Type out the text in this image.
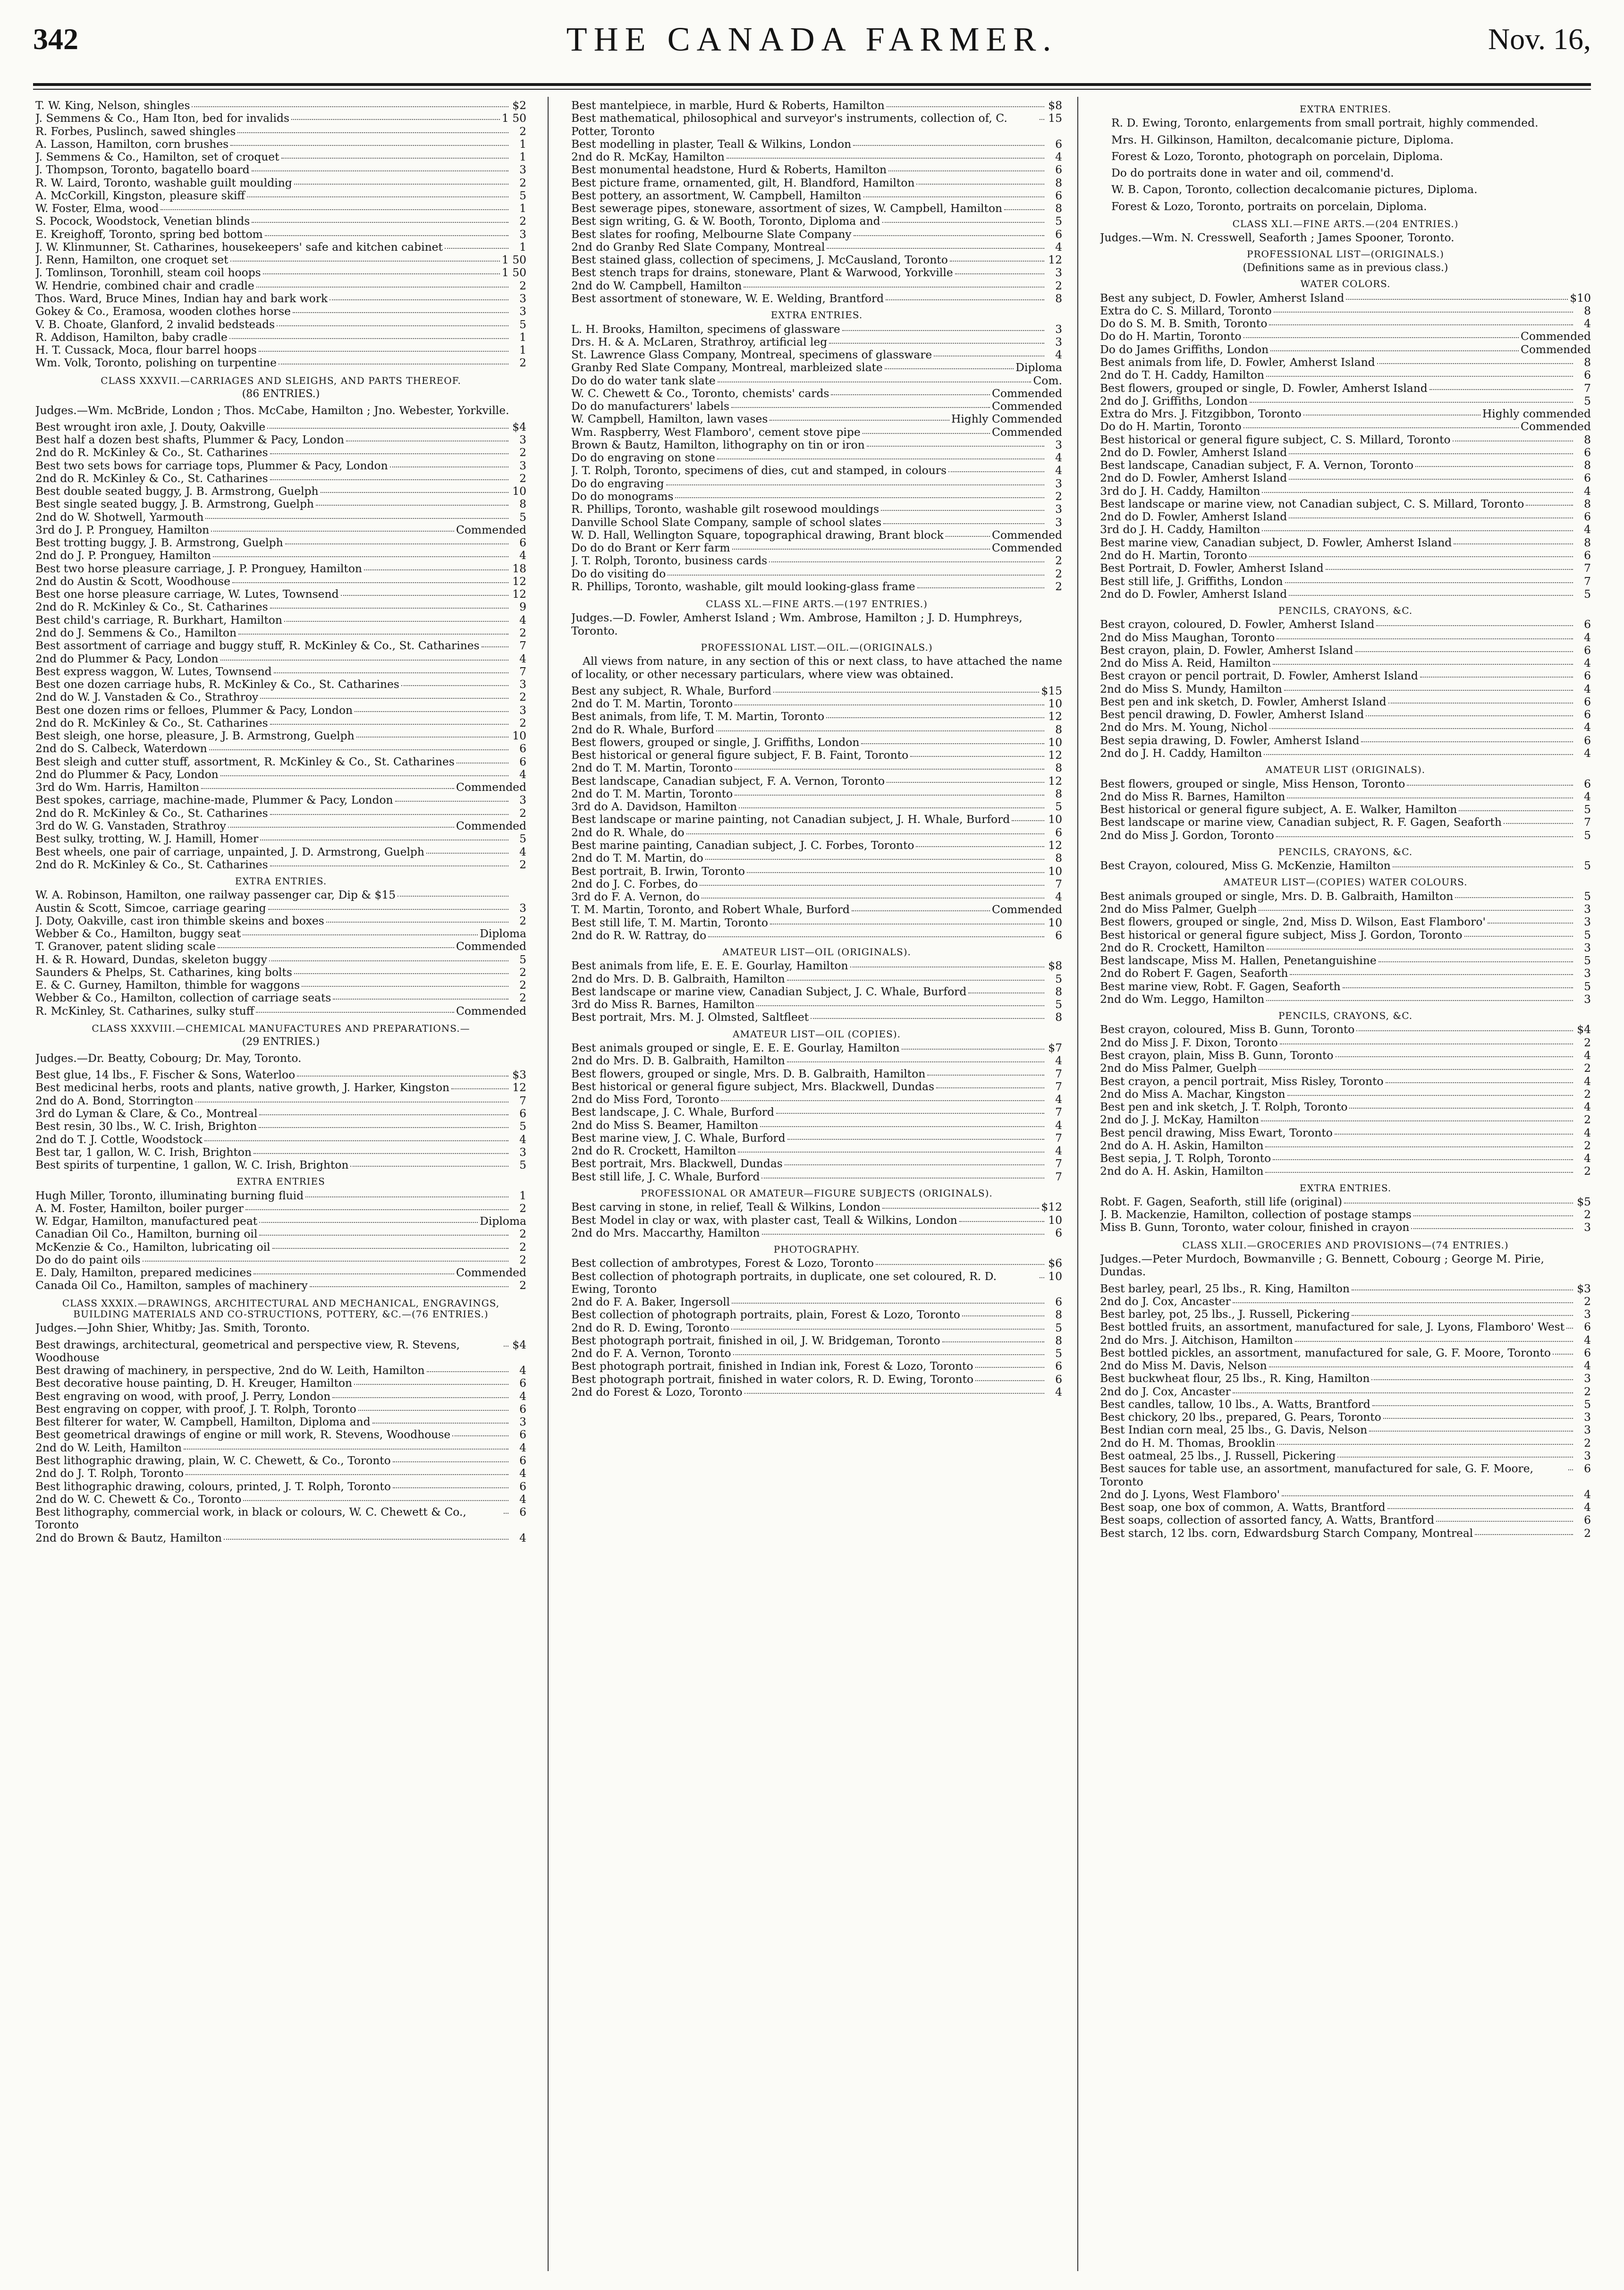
342	THE CANADA FARMER.	Nov. 16,
T. W. King, Nelson, shingles	$2
J. Semmens & Co., Ham Iton, bed for invalids	1 50
R. Forbes, Puslinch, sawed shingles	2
A. Lasson, Hamilton, corn brushes	1
J. Semmens & Co., Hamilton, set of croquet	1
J. Thompson, Toronto, bagatello board	3
R. W. Laird, Toronto, washable guilt moulding	2
A. McCorkill, Kingston, pleasure skiff	5
W. Foster, Elma, wood	1
S. Pocock, Woodstock, Venetian blinds	2
E. Kreighoff, Toronto, spring bed bottom	3
J. W. Klinmunner, St. Catharines, housekeepers' safe and kitchen cabinet	1
J. Renn, Hamilton, one croquet set	1 50
J. Tomlinson, Toronhill, steam coil hoops	1 50
W. Hendrie, combined chair and cradle	2
Thos. Ward, Bruce Mines, Indian hay and bark work	3
Gokey & Co., Eramosa, wooden clothes horse	3
V. B. Choate, Glanford, 2 invalid bedsteads	5
R. Addison, Hamilton, baby cradle	1
H. T. Cussack, Moca, flour barrel hoops	1
Wm. Volk, Toronto, polishing on turpentine	2
CLASS XXXVII.—CARRIAGES AND SLEIGHS, AND PARTS THEREOF.
(86 ENTRIES.)
Judges.—Wm. McBride, London ; Thos. McCabe, Hamilton ; Jno. Webester, Yorkville.
Best wrought iron axle, J. Douty, Oakville	$4
Best half a dozen best shafts, Plummer & Pacy, London	3
2nd do R. McKinley & Co., St. Catharines	2
Best two sets bows for carriage tops, Plummer & Pacy, London	3
2nd do R. McKinley & Co., St. Catharines	2
Best double seated buggy, J. B. Armstrong, Guelph	10
Best single seated buggy, J. B. Armstrong, Guelph	8
2nd do W. Shotwell, Yarmouth	5
3rd do J. P. Pronguey, Hamilton	Commended
Best trotting buggy, J. B. Armstrong, Guelph	6
2nd do J. P. Pronguey, Hamilton	4
Best two horse pleasure carriage, J. P. Pronguey, Hamilton	18
2nd do Austin & Scott, Woodhouse	12
Best one horse pleasure carriage, W. Lutes, Townsend	12
2nd do R. McKinley & Co., St. Catharines	9
Best child's carriage, R. Burkhart, Hamilton	4
2nd do J. Semmens & Co., Hamilton	2
Best assortment of carriage and buggy stuff, R. McKinley & Co., St. Catharines	7
2nd do Plummer & Pacy, London	4
Best express waggon, W. Lutes, Townsend	7
Best one dozen carriage hubs, R. McKinley & Co., St. Catharines	3
2nd do W. J. Vanstaden & Co., Strathroy	2
Best one dozen rims or felloes, Plummer & Pacy, London	3
2nd do R. McKinley & Co., St. Catharines	2
Best sleigh, one horse, pleasure, J. B. Armstrong, Guelph	10
2nd do S. Calbeck, Waterdown	6
Best sleigh and cutter stuff, assortment, R. McKinley & Co., St. Catharines	6
2nd do Plummer & Pacy, London	4
3rd do Wm. Harris, Hamilton	Commended
Best spokes, carriage, machine-made, Plummer & Pacy, London	3
2nd do R. McKinley & Co., St. Catharines	2
3rd do W. G. Vanstaden, Strathroy	Commended
Best sulky, trotting, W. J. Hamill, Homer	5
Best wheels, one pair of carriage, unpainted, J. D. Armstrong, Guelph	4
2nd do R. McKinley & Co., St. Catharines	2
EXTRA ENTRIES.
W. A. Robinson, Hamilton, one railway passenger car, Dip & $15
Austin & Scott, Simcoe, carriage gearing	3
J. Doty, Oakville, cast iron thimble skeins and boxes	2
Webber & Co., Hamilton, buggy seat	Diploma
T. Granover, patent sliding scale	Commended
H. & R. Howard, Dundas, skeleton buggy	5
Saunders & Phelps, St. Catharines, king bolts	2
E. & C. Gurney, Hamilton, thimble for waggons	2
Webber & Co., Hamilton, collection of carriage seats	2
R. McKinley, St. Catharines, sulky stuff	Commended
CLASS XXXVIII.—CHEMICAL MANUFACTURES AND PREPARATIONS.—
(29 ENTRIES.)
Judges.—Dr. Beatty, Cobourg; Dr. May, Toronto.
Best glue, 14 lbs., F. Fischer & Sons, Waterloo	$3
Best medicinal herbs, roots and plants, native growth, J. Harker, Kingston	12
2nd do A. Bond, Storrington	7
3rd do Lyman & Clare, & Co., Montreal	6
Best resin, 30 lbs., W. C. Irish, Brighton	5
2nd do T. J. Cottle, Woodstock	4
Best tar, 1 gallon, W. C. Irish, Brighton	3
Best spirits of turpentine, 1 gallon, W. C. Irish, Brighton	5
EXTRA ENTRIES
Hugh Miller, Toronto, illuminating burning fluid	1
A. M. Foster, Hamilton, boiler purger	2
W. Edgar, Hamilton, manufactured peat	Diploma
Canadian Oil Co., Hamilton, burning oil	2
McKenzie & Co., Hamilton, lubricating oil	2
Do do do paint oils	2
E. Daly, Hamilton, prepared medicines	Commended
Canada Oil Co., Hamilton, samples of machinery	2
CLASS XXXIX.—DRAWINGS, ARCHITECTURAL AND MECHANICAL, ENGRAVINGS, BUILDING MATERIALS AND CO-STRUCTIONS, POTTERY, &C.—(76 ENTRIES.)
Judges.—John Shier, Whitby; Jas. Smith, Toronto.
Best drawings, architectural, geometrical and perspective view, R. Stevens, Woodhouse
$4
Best drawing of machinery, in perspective, 2nd do W. Leith, Hamilton	4
Best decorative house painting, D. H. Kreuger, Hamilton	6
Best engraving on wood, with proof, J. Perry, London	4
Best engraving on copper, with proof, J. T. Rolph, Toronto	6
Best filterer for water, W. Campbell, Hamilton, Diploma and	3
Best geometrical drawings of engine or mill work, R. Stevens, Woodhouse	6
2nd do W. Leith, Hamilton	4
Best lithographic drawing, plain, W. C. Chewett, & Co., Toronto	6
2nd do J. T. Rolph, Toronto	4
Best lithographic drawing, colours, printed, J. T. Rolph, Toronto	6
2nd do W. C. Chewett & Co., Toronto	4
Best lithography, commercial work, in black or colours, W. C. Chewett & Co., Toronto
6
2nd do Brown & Bautz, Hamilton	4
Best mantelpiece, in marble, Hurd & Roberts, Hamilton	$8
Best mathematical, philosophical and surveyor's instruments, collection of, C. Potter, Toronto
15
Best modelling in plaster, Teall & Wilkins, London	6
2nd do R. McKay, Hamilton	4
Best monumental headstone, Hurd & Roberts, Hamilton	6
Best picture frame, ornamented, gilt, H. Blandford, Hamilton	8
Best pottery, an assortment, W. Campbell, Hamilton	6
Best sewerage pipes, stoneware, assortment of sizes, W. Campbell, Hamilton	8
Best sign writing, G. & W. Booth, Toronto, Diploma and	5
Best slates for roofing, Melbourne Slate Company	6
2nd do Granby Red Slate Company, Montreal	4
Best stained glass, collection of specimens, J. McCausland, Toronto	12
Best stench traps for drains, stoneware, Plant & Warwood, Yorkville	3
2nd do W. Campbell, Hamilton	2
Best assortment of stoneware, W. E. Welding, Brantford	8
EXTRA ENTRIES.
L. H. Brooks, Hamilton, specimens of glassware	3
Drs. H. & A. McLaren, Strathroy, artificial leg	3
St. Lawrence Glass Company, Montreal, specimens of glassware	4
Granby Red Slate Company, Montreal, marbleized slate	Diploma
Do do do water tank slate	Com.
W. C. Chewett & Co., Toronto, chemists' cards	Commended
Do do manufacturers' labels	Commended
W. Campbell, Hamilton, lawn vases	Highly Commended
Wm. Raspberry, West Flamboro', cement stove pipe	Commended
Brown & Bautz, Hamilton, lithography on tin or iron	3
Do do engraving on stone	4
J. T. Rolph, Toronto, specimens of dies, cut and stamped, in colours	4
Do do engraving	3
Do do monograms	2
R. Phillips, Toronto, washable gilt rosewood mouldings	3
Danville School Slate Company, sample of school slates	3
W. D. Hall, Wellington Square, topographical drawing, Brant block	Commended
Do do do Brant or Kerr farm	Commended
J. T. Rolph, Toronto, business cards	2
Do do visiting do	2
R. Phillips, Toronto, washable, gilt mould looking-glass frame	2
CLASS XL.—FINE ARTS.—(197 ENTRIES.)
Judges.—D. Fowler, Amherst Island ; Wm. Ambrose, Hamilton ; J. D. Humphreys, Toronto.
PROFESSIONAL LIST.—OIL.—(ORIGINALS.)
All views from nature, in any section of this or next class, to have attached the name of locality, or other necessary particulars, where view was obtained.
Best any subject, R. Whale, Burford	$15
2nd do T. M. Martin, Toronto	10
Best animals, from life, T. M. Martin, Toronto	12
2nd do R. Whale, Burford	8
Best flowers, grouped or single, J. Griffiths, London	10
Best historical or general figure subject, F. B. Faint, Toronto	12
2nd do T. M. Martin, Toronto	8
Best landscape, Canadian subject, F. A. Vernon, Toronto	12
2nd do T. M. Martin, Toronto	8
3rd do A. Davidson, Hamilton	5
Best landscape or marine painting, not Canadian subject, J. H. Whale, Burford	10
2nd do R. Whale, do	6
Best marine painting, Canadian subject, J. C. Forbes, Toronto	12
2nd do T. M. Martin, do	8
Best portrait, B. Irwin, Toronto	10
2nd do J. C. Forbes, do	7
3rd do F. A. Vernon, do	4
T. M. Martin, Toronto, and Robert Whale, Burford	Commended
Best still life, T. M. Martin, Toronto	10
2nd do R. W. Rattray, do	6
AMATEUR LIST—OIL (ORIGINALS).
Best animals from life, E. E. E. Gourlay, Hamilton	$8
2nd do Mrs. D. B. Galbraith, Hamilton	5
Best landscape or marine view, Canadian Subject, J. C. Whale, Burford	8
3rd do Miss R. Barnes, Hamilton	5
Best portrait, Mrs. M. J. Olmsted, Saltfleet	8
AMATEUR LIST—OIL (COPIES).
Best animals grouped or single, E. E. E. Gourlay, Hamilton	$7
2nd do Mrs. D. B. Galbraith, Hamilton	4
Best flowers, grouped or single, Mrs. D. B. Galbraith, Hamilton	7
Best historical or general figure subject, Mrs. Blackwell, Dundas	7
2nd do Miss Ford, Toronto	4
Best landscape, J. C. Whale, Burford	7
2nd do Miss S. Beamer, Hamilton	4
Best marine view, J. C. Whale, Burford	7
2nd do R. Crockett, Hamilton	4
Best portrait, Mrs. Blackwell, Dundas	7
Best still life, J. C. Whale, Burford	7
PROFESSIONAL OR AMATEUR—FIGURE SUBJECTS (ORIGINALS).
Best carving in stone, in relief, Teall & Wilkins, London	$12
Best Model in clay or wax, with plaster cast, Teall & Wilkins, London	10
2nd do Mrs. Maccarthy, Hamilton	6
PHOTOGRAPHY.
Best collection of ambrotypes, Forest & Lozo, Toronto	$6
Best collection of photograph portraits, in duplicate, one set coloured, R. D. Ewing, Toronto
10
2nd do F. A. Baker, Ingersoll	6
Best collection of photograph portraits, plain, Forest & Lozo, Toronto	8
2nd do R. D. Ewing, Toronto	5
Best photograph portrait, finished in oil, J. W. Bridgeman, Toronto	8
2nd do F. A. Vernon, Toronto	5
Best photograph portrait, finished in Indian ink, Forest & Lozo, Toronto	6
Best photograph portrait, finished in water colors, R. D. Ewing, Toronto	6
2nd do Forest & Lozo, Toronto	4
EXTRA ENTRIES.
R. D. Ewing, Toronto, enlargements from small portrait, highly commended.
Mrs. H. Gilkinson, Hamilton, decalcomanie picture, Diploma.
Forest & Lozo, Toronto, photograph on porcelain, Diploma.
Do do portraits done in water and oil, commend'd.
W. B. Capon, Toronto, collection decalcomanie pictures, Diploma.
Forest & Lozo, Toronto, portraits on porcelain, Diploma.
CLASS XLI.—FINE ARTS.—(204 ENTRIES.)
Judges.—Wm. N. Cresswell, Seaforth ; James Spooner, Toronto.
PROFESSIONAL LIST—(ORIGINALS.)
(Definitions same as in previous class.)
WATER COLORS.
Best any subject, D. Fowler, Amherst Island	$10
Extra do C. S. Millard, Toronto	8
Do do S. M. B. Smith, Toronto	4
Do do H. Martin, Toronto	Commended
Do do James Griffiths, London	Commended
Best animals from life, D. Fowler, Amherst Island	8
2nd do T. H. Caddy, Hamilton	6
Best flowers, grouped or single, D. Fowler, Amherst Island	7
2nd do J. Griffiths, London	5
Extra do Mrs. J. Fitzgibbon, Toronto	Highly commended
Do do H. Martin, Toronto	Commended
Best historical or general figure subject, C. S. Millard, Toronto	8
2nd do D. Fowler, Amherst Island	6
Best landscape, Canadian subject, F. A. Vernon, Toronto	8
2nd do D. Fowler, Amherst Island	6
3rd do J. H. Caddy, Hamilton	4
Best landscape or marine view, not Canadian subject, C. S. Millard, Toronto	8
2nd do D. Fowler, Amherst Island	6
3rd do J. H. Caddy, Hamilton	4
Best marine view, Canadian subject, D. Fowler, Amherst Island	8
2nd do H. Martin, Toronto	6
Best Portrait, D. Fowler, Amherst Island	7
Best still life, J. Griffiths, London	7
2nd do D. Fowler, Amherst Island	5
PENCILS, CRAYONS, &C.
Best crayon, coloured, D. Fowler, Amherst Island	6
2nd do Miss Maughan, Toronto	4
Best crayon, plain, D. Fowler, Amherst Island	6
2nd do Miss A. Reid, Hamilton	4
Best crayon or pencil portrait, D. Fowler, Amherst Island	6
2nd do Miss S. Mundy, Hamilton	4
Best pen and ink sketch, D. Fowler, Amherst Island	6
Best pencil drawing, D. Fowler, Amherst Island	6
2nd do Mrs. M. Young, Nichol	4
Best sepia drawing, D. Fowler, Amherst Island	6
2nd do J. H. Caddy, Hamilton	4
AMATEUR LIST (ORIGINALS).
Best flowers, grouped or single, Miss Henson, Toronto	6
2nd do Miss R. Barnes, Hamilton	4
Best historical or general figure subject, A. E. Walker, Hamilton	5
Best landscape or marine view, Canadian subject, R. F. Gagen, Seaforth	7
2nd do Miss J. Gordon, Toronto	5
PENCILS, CRAYONS, &C.
Best Crayon, coloured, Miss G. McKenzie, Hamilton	5
AMATEUR LIST—(COPIES) WATER COLOURS.
Best animals grouped or single, Mrs. D. B. Galbraith, Hamilton	5
2nd do Miss Palmer, Guelph	3
Best flowers, grouped or single, 2nd, Miss D. Wilson, East Flamboro'	3
Best historical or general figure subject, Miss J. Gordon, Toronto	5
2nd do R. Crockett, Hamilton	3
Best landscape, Miss M. Hallen, Penetanguishine	5
2nd do Robert F. Gagen, Seaforth	3
Best marine view, Robt. F. Gagen, Seaforth	5
2nd do Wm. Leggo, Hamilton	3
PENCILS, CRAYONS, &C.
Best crayon, coloured, Miss B. Gunn, Toronto	$4
2nd do Miss J. F. Dixon, Toronto	2
Best crayon, plain, Miss B. Gunn, Toronto	4
2nd do Miss Palmer, Guelph	2
Best crayon, a pencil portrait, Miss Risley, Toronto	4
2nd do Miss A. Machar, Kingston	2
Best pen and ink sketch, J. T. Rolph, Toronto	4
2nd do J. J. McKay, Hamilton	2
Best pencil drawing, Miss Ewart, Toronto	4
2nd do A. H. Askin, Hamilton	2
Best sepia, J. T. Rolph, Toronto	4
2nd do A. H. Askin, Hamilton	2
EXTRA ENTRIES.
Robt. F. Gagen, Seaforth, still life (original)	$5
J. B. Mackenzie, Hamilton, collection of postage stamps	2
Miss B. Gunn, Toronto, water colour, finished in crayon	3
CLASS XLII.—GROCERIES AND PROVISIONS—(74 ENTRIES.)
Judges.—Peter Murdoch, Bowmanville ; G. Bennett, Cobourg ; George M. Pirie, Dundas.
Best barley, pearl, 25 lbs., R. King, Hamilton	$3
2nd do J. Cox, Ancaster	2
Best barley, pot, 25 lbs., J. Russell, Pickering	3
Best bottled fruits, an assortment, manufactured for sale, J. Lyons, Flamboro' West	6
2nd do Mrs. J. Aitchison, Hamilton	4
Best bottled pickles, an assortment, manufactured for sale, G. F. Moore, Toronto	6
2nd do Miss M. Davis, Nelson	4
Best buckwheat flour, 25 lbs., R. King, Hamilton	3
2nd do J. Cox, Ancaster	2
Best candles, tallow, 10 lbs., A. Watts, Brantford	5
Best chickory, 20 lbs., prepared, G. Pears, Toronto	3
Best Indian corn meal, 25 lbs., G. Davis, Nelson	3
2nd do H. M. Thomas, Brooklin	2
Best oatmeal, 25 lbs., J. Russell, Pickering	3
Best sauces for table use, an assortment, manufactured for sale, G. F. Moore, Toronto
6
2nd do J. Lyons, West Flamboro'	4
Best soap, one box of common, A. Watts, Brantford	4
Best soaps, collection of assorted fancy, A. Watts, Brantford	6
Best starch, 12 lbs. corn, Edwardsburg Starch Company, Montreal	2
